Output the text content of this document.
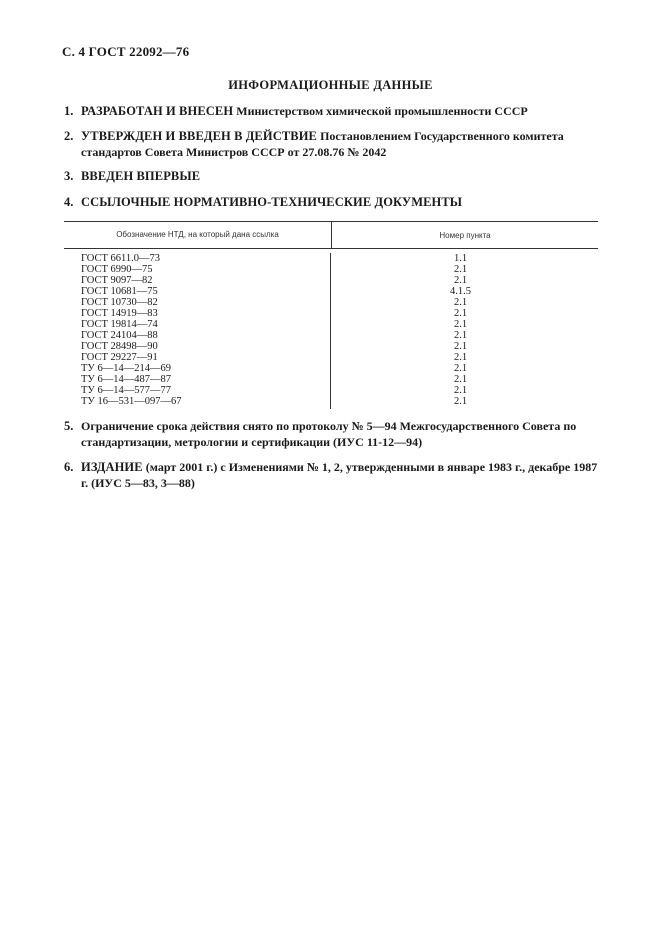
С. 4 ГОСТ 22092—76
ИНФОРМАЦИОННЫЕ ДАННЫЕ
1. РАЗРАБОТАН И ВНЕСЕН Министерством химической промышленности СССР
2. УТВЕРЖДЕН И ВВЕДЕН В ДЕЙСТВИЕ Постановлением Государственного комитета стандартов Совета Министров СССР от 27.08.76 № 2042
3. ВВЕДЕН ВПЕРВЫЕ
4. ССЫЛОЧНЫЕ НОРМАТИВНО-ТЕХНИЧЕСКИЕ ДОКУМЕНТЫ
Обозначение НТД, на который дана ссылка	Номер пункта
ГОСТ 6611.0—73
ГОСТ 6990—75
ГОСТ 9097—82
ГОСТ 10681—75
ГОСТ 10730—82
ГОСТ 14919—83
ГОСТ 19814—74
ГОСТ 24104—88
ГОСТ 28498—90
ГОСТ 29227—91
ТУ 6—14—214—69
ТУ 6—14—487—87
ТУ 6—14—577—77
ТУ 16—531—097—67
1.1
2.1
2.1
4.1.5
2.1
2.1
2.1
2.1
2.1
2.1
2.1
2.1
2.1
2.1
5. Ограничение срока действия снято по протоколу № 5—94 Межгосударственного Совета по стандартизации, метрологии и сертификации (ИУС 11-12—94)
6. ИЗДАНИЕ (март 2001 г.) с Изменениями № 1, 2, утвержденными в январе 1983 г., декабре 1987 г. (ИУС 5—83, 3—88)
